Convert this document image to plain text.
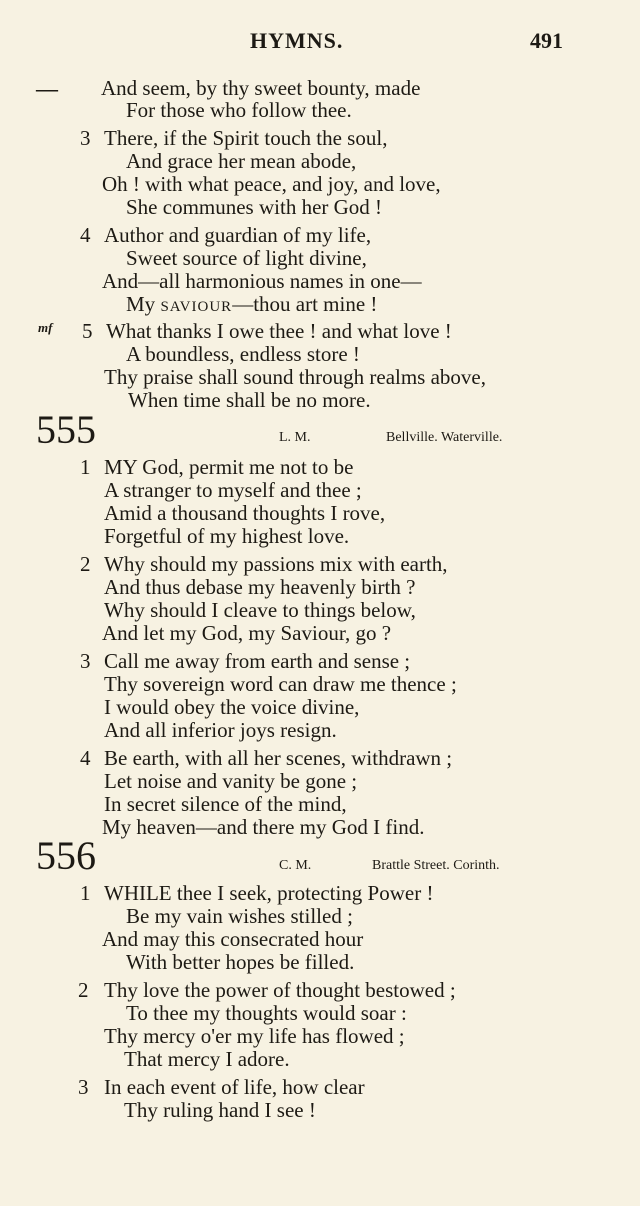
HYMNS.	491
— And seem, by thy sweet bounty, made
For those who follow thee.
3 There, if the Spirit touch the soul,
And grace her mean abode,
Oh ! with what peace, and joy, and love,
She communes with her God !
4 Author and guardian of my life,
Sweet source of light divine,
And—all harmonious names in one—
My saviour—thou art mine !
mf 5 What thanks I owe thee ! and what love !
A boundless, endless store !
Thy praise shall sound through realms above,
When time shall be no more.
555	L. M.	Bellville. Waterville.
1 MY God, permit me not to be
A stranger to myself and thee ;
Amid a thousand thoughts I rove,
Forgetful of my highest love.
2 Why should my passions mix with earth,
And thus debase my heavenly birth ?
Why should I cleave to things below,
And let my God, my Saviour, go ?
3 Call me away from earth and sense ;
Thy sovereign word can draw me thence ;
I would obey the voice divine,
And all inferior joys resign.
4 Be earth, with all her scenes, withdrawn ;
Let noise and vanity be gone ;
In secret silence of the mind,
My heaven—and there my God I find.
556	C. M.	Brattle Street. Corinth.
1 WHILE thee I seek, protecting Power !
Be my vain wishes stilled ;
And may this consecrated hour
With better hopes be filled.
2 Thy love the power of thought bestowed ;
To thee my thoughts would soar :
Thy mercy o'er my life has flowed ;
That mercy I adore.
3 In each event of life, how clear
Thy ruling hand I see !
